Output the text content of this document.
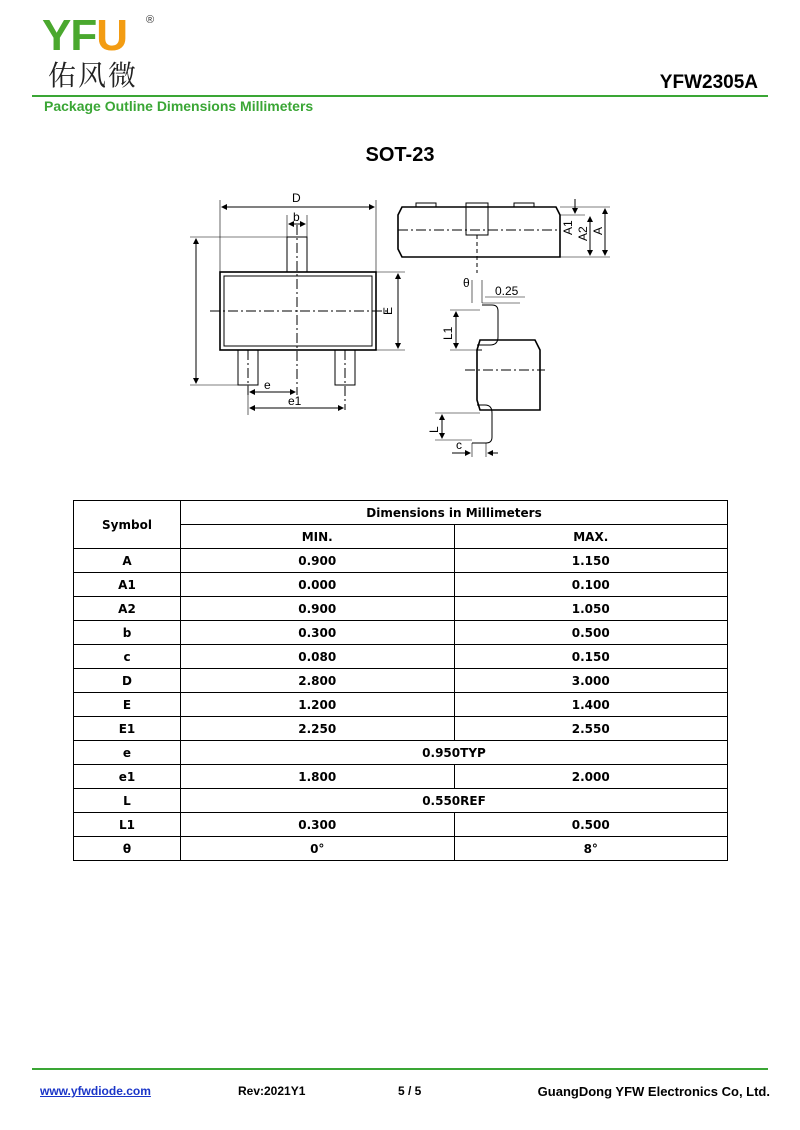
YFU ®
佑风微	YFW2305A
Package Outline Dimensions Millimeters
SOT-23
D
b
E
e
e1
A1 A2 A
θ
0.25
L1
L
c
Symbol	Dimensions in Millimeters	
	MIN.	MAX.
A	0.900	1.150
A1	0.000	0.100
A2	0.900	1.050
b	0.300	0.500
c	0.080	0.150
D	2.800	3.000
E	1.200	1.400
E1	2.250	2.550
e	0.950TYP	
e1	1.800	2.000
L	0.550REF	
L1	0.300	0.500
θ	0°	8°
www.yfwdiode.com	Rev:2021Y1	5 / 5	GuangDong YFW Electronics Co, Ltd.
